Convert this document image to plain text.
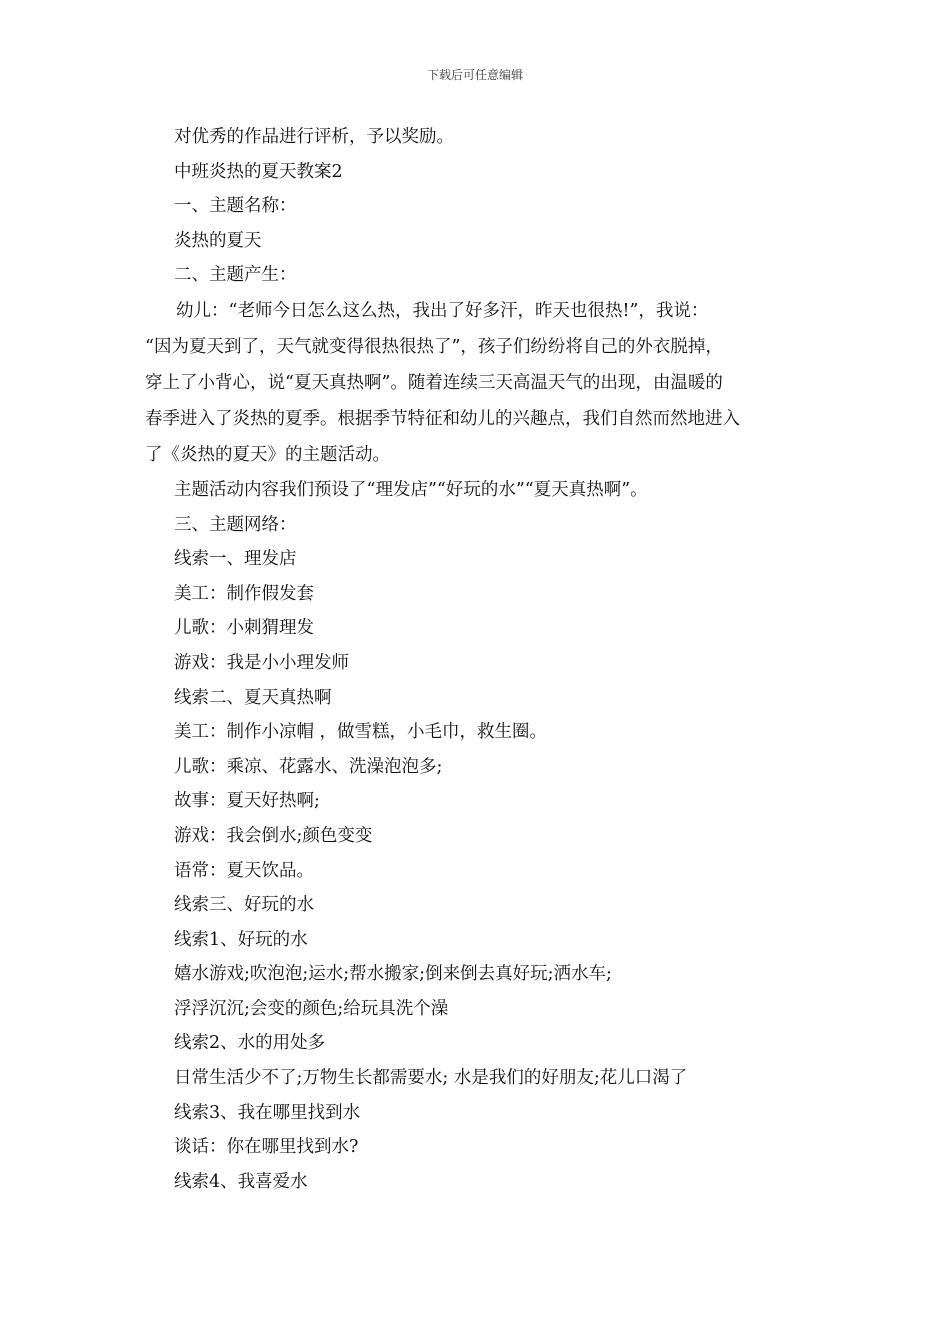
下载后可任意编辑
对优秀的作品进行评析，予以奖励。
中班炎热的夏天教案2
一、主题名称：
炎热的夏天
二、主题产生：
幼儿：“老师今日怎么这么热，我出了好多汗，昨天也很热!”，我说：
“因为夏天到了，天气就变得很热很热了”，孩子们纷纷将自己的外衣脱掉，
穿上了小背心，说“夏天真热啊”。随着连续三天高温天气的出现，由温暖的
春季进入了炎热的夏季。根据季节特征和幼儿的兴趣点，我们自然而然地进入
了《炎热的夏天》的主题活动。
主题活动内容我们预设了“理发店”“好玩的水”“夏天真热啊”。
三、主题网络：
线索一、理发店
美工：制作假发套
儿歌：小刺猬理发
游戏：我是小小理发师
线索二、夏天真热啊
美工：制作小凉帽 ，做雪糕，小毛巾，救生圈。
儿歌：乘凉、花露水、洗澡泡泡多;
故事：夏天好热啊;
游戏：我会倒水;颜色变变
语常：夏天饮品。
线索三、好玩的水
线索1、好玩的水
嬉水游戏;吹泡泡;运水;帮水搬家;倒来倒去真好玩;洒水车;
浮浮沉沉;会变的颜色;给玩具洗个澡
线索2、水的用处多
日常生活少不了;万物生长都需要水; 水是我们的好朋友;花儿口渴了
线索3、我在哪里找到水
谈话：你在哪里找到水?
线索4、我喜爱水
